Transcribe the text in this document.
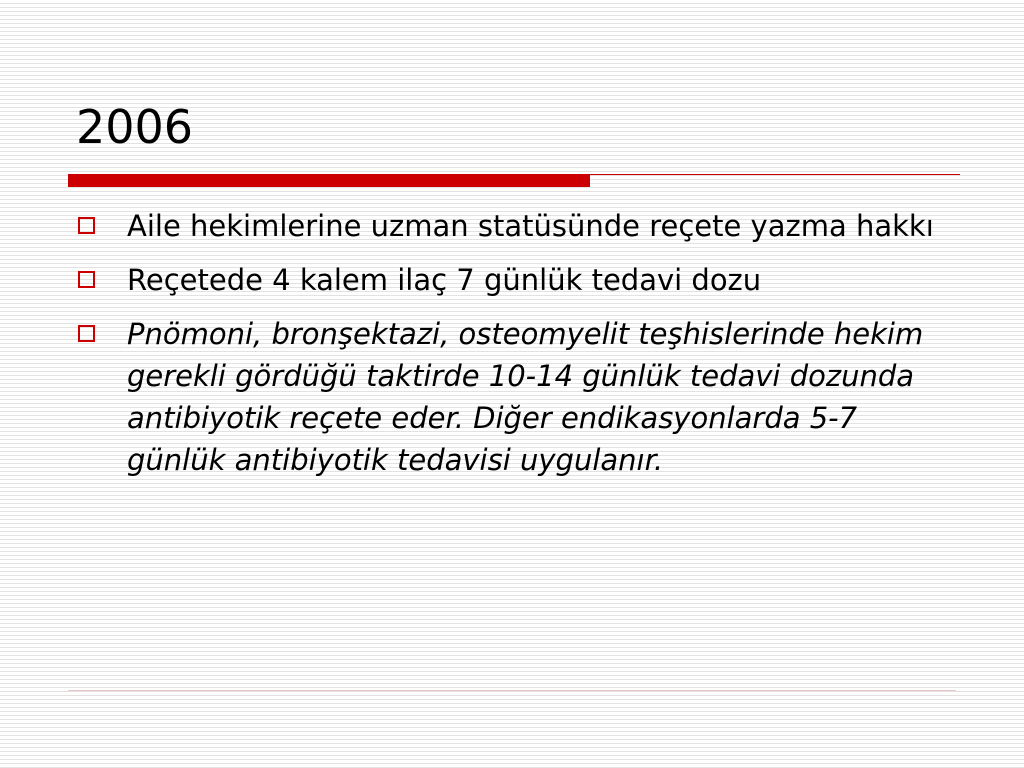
2006
Aile hekimlerine uzman statüsünde reçete yazma hakkı
Reçetede 4 kalem ilaç 7 günlük tedavi dozu
Pnömoni, bronşektazi, osteomyelit teşhislerinde hekim gerekli gördüğü taktirde 10-14 günlük tedavi dozunda antibiyotik reçete eder. Diğer endikasyonlarda 5-7 günlük antibiyotik tedavisi uygulanır.
